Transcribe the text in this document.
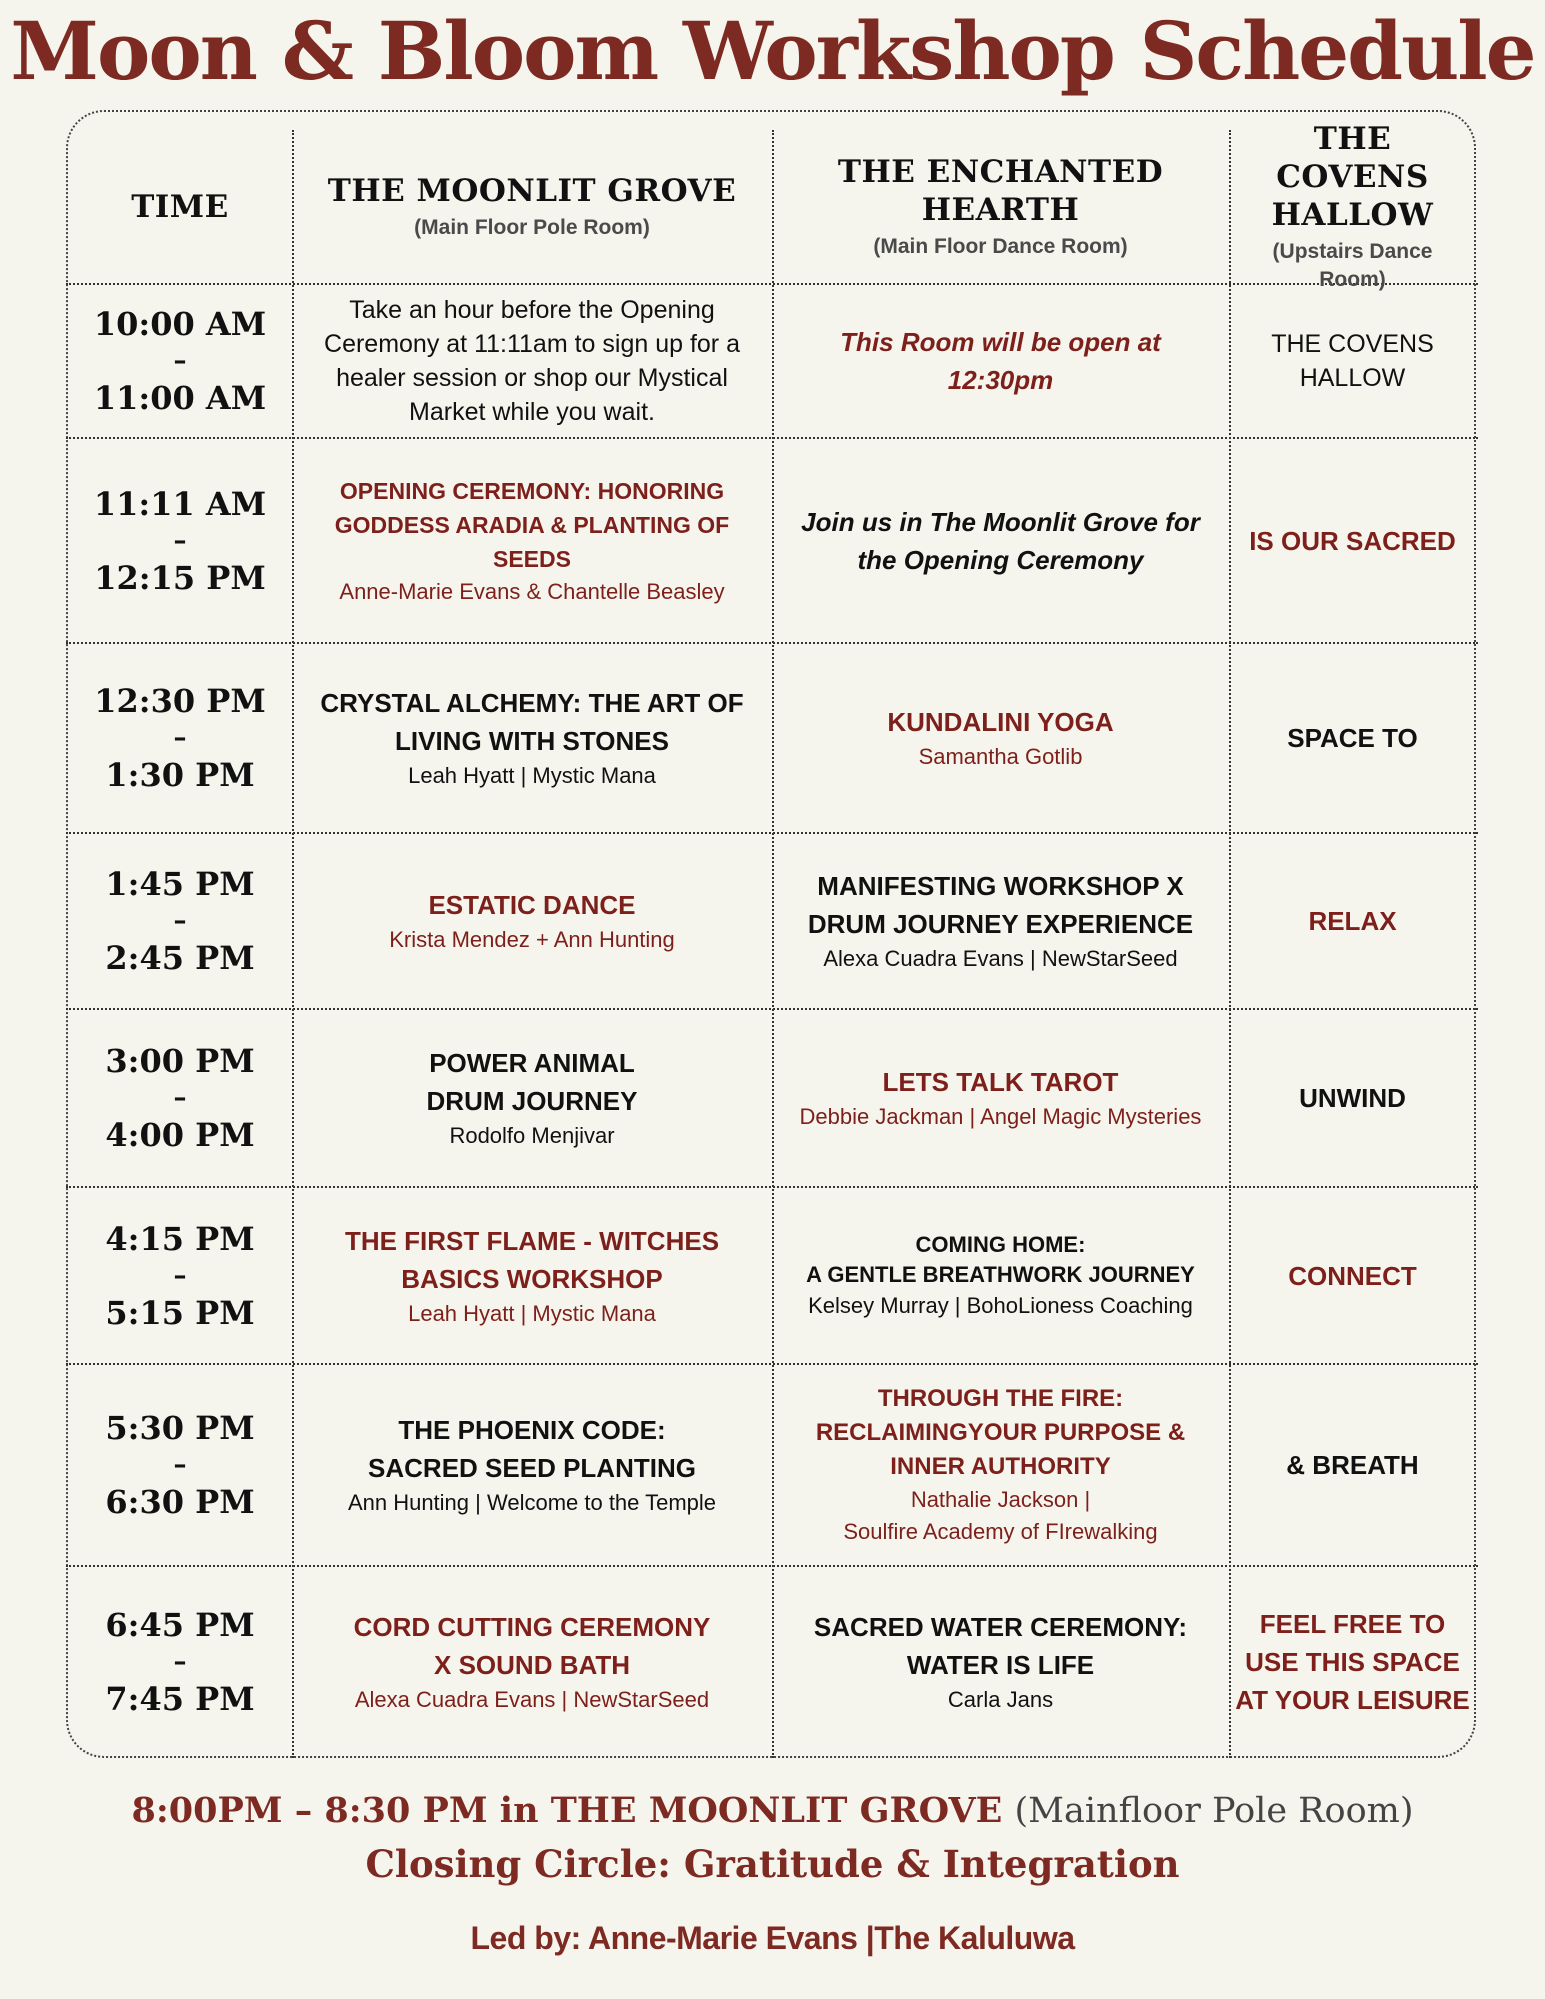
Moon & Bloom Workshop Schedule
TIME	THE MOONLIT GROVE
(Main Floor Pole Room)
THE ENCHANTED HEARTH
(Main Floor Dance Room)
THE COVENS HALLOW
(Upstairs Dance Room)
10:00 AM
–
11:00 AM
Take an hour before the Opening Ceremony at 11:11am to sign up for a healer session or shop our Mystical Market while you wait.
This Room will be open at 12:30pm
THE COVENS HALLOW
11:11 AM
–
12:15 PM
OPENING CEREMONY: HONORING GODDESS ARADIA & PLANTING OF SEEDS
Anne-Marie Evans & Chantelle Beasley
Join us in The Moonlit Grove for the Opening Ceremony
IS OUR SACRED
12:30 PM
–
1:30 PM
CRYSTAL ALCHEMY: THE ART OF LIVING WITH STONES
Leah Hyatt | Mystic Mana
KUNDALINI YOGA
Samantha Gotlib
SPACE TO
1:45 PM
–
2:45 PM
ESTATIC DANCE
Krista Mendez + Ann Hunting
MANIFESTING WORKSHOP X DRUM JOURNEY EXPERIENCE
Alexa Cuadra Evans | NewStarSeed
RELAX
3:00 PM
–
4:00 PM
POWER ANIMAL DRUM JOURNEY
Rodolfo Menjivar
LETS TALK TAROT
Debbie Jackman | Angel Magic Mysteries
UNWIND
4:15 PM
–
5:15 PM
THE FIRST FLAME - WITCHES BASICS WORKSHOP
Leah Hyatt | Mystic Mana
COMING HOME:
A GENTLE BREATHWORK JOURNEY
Kelsey Murray | BohoLioness Coaching
CONNECT
5:30 PM
–
6:30 PM
THE PHOENIX CODE:
SACRED SEED PLANTING
Ann Hunting | Welcome to the Temple
THROUGH THE FIRE:
RECLAIMINGYOUR PURPOSE & INNER AUTHORITY
Nathalie Jackson |
Soulfire Academy of FIrewalking
& BREATH
6:45 PM
–
7:45 PM
CORD CUTTING CEREMONY
X SOUND BATH
Alexa Cuadra Evans | NewStarSeed
SACRED WATER CEREMONY:
WATER IS LIFE
Carla Jans
FEEL FREE TO USE THIS SPACE AT YOUR LEISURE
8:00PM – 8:30 PM in THE MOONLIT GROVE (Mainfloor Pole Room)
Closing Circle: Gratitude & Integration
Led by: Anne-Marie Evans |The Kaluluwa
